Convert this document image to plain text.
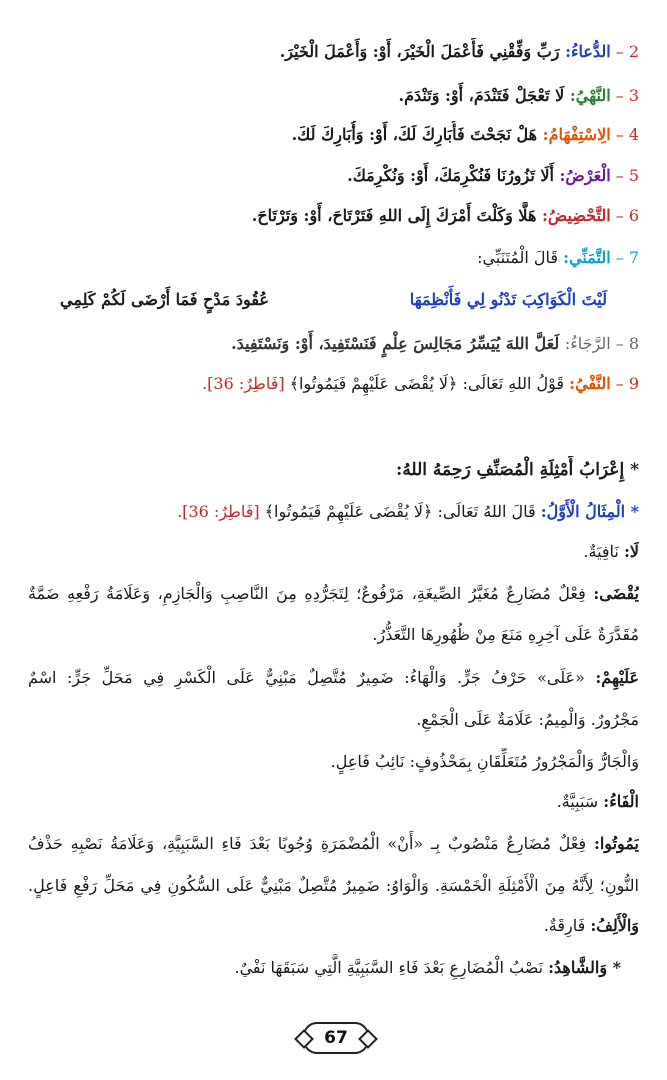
2 – الدُّعاءُ: رَبِّ وَفِّقْنِي فَأَعْمَلَ الْخَيْرَ، أَوْ: وَأَعْمَلَ الْخَيْرَ.
3 – النَّهْيُ: لَا تَعْجَلْ فَتَنْدَمَ، أَوْ: وَتَنْدَمَ.
4 – الِاسْتِفْهَامُ: هَلْ نَجَحْتَ فَأُبَارِكَ لَكَ، أَوْ: وَأُبَارِكَ لَكَ.
5 – الْعَرْضُ: أَلَا تَزُورُنَا فَنُكْرِمَكَ، أَوْ: وَنُكْرِمَكَ.
6 – التَّحْضِيضُ: هَلَّا وَكَلْتَ أَمْرَكَ إِلَى اللهِ فَتَرْتَاحَ، أَوْ: وَتَرْتَاحَ.
7 – التَّمَنِّي: قَالَ الْمُتَنَبِّي:
لَيْتَ الْكَوَاكِبَ تَدْنُو لِي فَأَنْظِمَهَا
عُقُودَ مَدْحٍ فَمَا أَرْضَى لَكُمْ كَلِمِي
8 – الرَّجَاءُ: لَعَلَّ اللهَ يُيَسِّرُ مَجَالِسَ عِلْمٍ فَنَسْتَفِيدَ، أَوْ: وَنَسْتَفِيدَ.
9 – النَّفْيُ: قَوْلُ اللهِ تَعَالَى: ﴿لَا يُقْضَى عَلَيْهِمْ فَيَمُوتُوا﴾ [فَاطِرٌ: 36].
* إِعْرَابُ أَمْثِلَةِ الْمُصَنِّفِ رَحِمَهُ اللهُ:
* الْمِثَالُ الْأَوَّلُ: قَالَ اللهُ تَعَالَى: ﴿لَا يُقْضَى عَلَيْهِمْ فَيَمُوتُوا﴾ [فَاطِرٌ: 36].
لَا: نَافِيَةٌ.
يُقْضَى: فِعْلٌ مُضَارِعٌ مُغَيَّرُ الصِّيغَةِ، مَرْفُوعٌ؛ لِتَجَرُّدِهِ مِنَ النَّاصِبِ وَالْجَازِمِ، وَعَلَامَةُ رَفْعِهِ ضَمَّةٌ
مُقَدَّرَةٌ عَلَى آخِرِهِ مَنَعَ مِنْ ظُهُورِهَا التَّعَذُّرُ.
عَلَيْهِمْ: «عَلَى» حَرْفُ جَرٍّ. وَالْهَاءُ: ضَمِيرٌ مُتَّصِلٌ مَبْنِيٌّ عَلَى الْكَسْرِ فِي مَحَلِّ جَرٍّ: اسْمٌ
مَجْرُورٌ. وَالْمِيمُ: عَلَامَةٌ عَلَى الْجَمْعِ.
وَالْجَارُّ وَالْمَجْرُورُ مُتَعَلِّقَانِ بِمَحْذُوفٍ: نَائِبُ فَاعِلٍ.
الْفَاءُ: سَبَبِيَّةٌ.
يَمُوتُوا: فِعْلٌ مُضَارِعٌ مَنْصُوبٌ بِـ «أَنْ» الْمُضْمَرَةِ وُجُوبًا بَعْدَ فَاءِ السَّبَبِيَّةِ، وَعَلَامَةُ نَصْبِهِ حَذْفُ
النُّونِ؛ لِأَنَّهُ مِنَ الْأَمْثِلَةِ الْخَمْسَةِ. وَالْوَاوُ: ضَمِيرٌ مُتَّصِلٌ مَبْنِيٌّ عَلَى السُّكُونِ فِي مَحَلِّ رَفْعِ فَاعِلٍ.
وَالْأَلِفُ: فَارِقَةٌ.
* وَالشَّاهِدُ: نَصْبُ الْمُضَارِعِ بَعْدَ فَاءِ السَّبَبِيَّةِ الَّتِي سَبَقَهَا نَفْيٌ.
67
